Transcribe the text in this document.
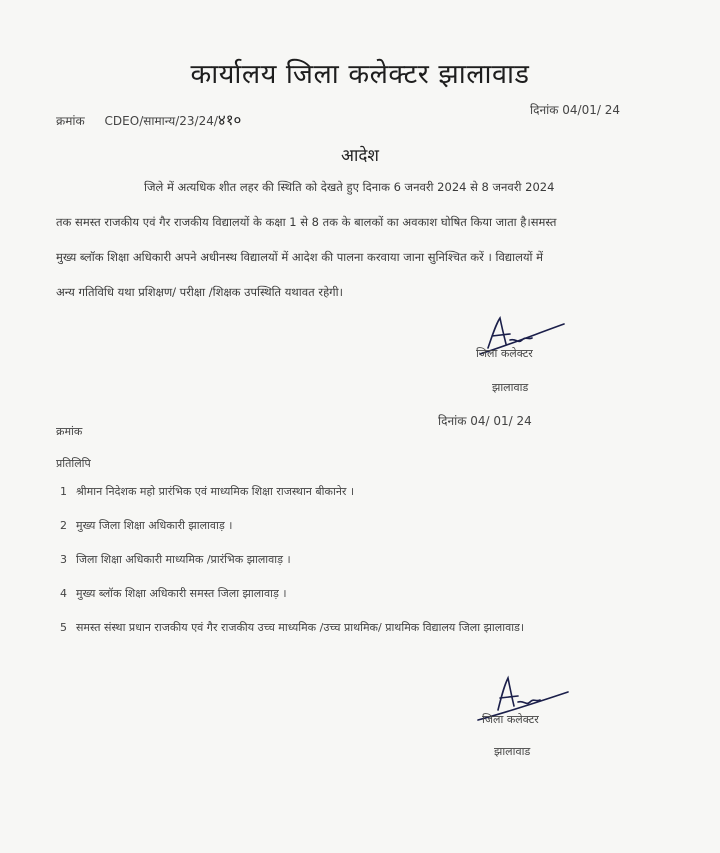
कार्यालय जिला कलेक्टर झालावाड
क्रमांक CDEO/सामान्य/23/24/४१०
दिनांक 04/01/ 24
आदेश
जिले में अत्यधिक शीत लहर की स्थिति को देखते हुए दिनाक 6 जनवरी 2024 से 8 जनवरी 2024
तक समस्त राजकीय एवं गैर राजकीय विद्यालयों के कक्षा 1 से 8 तक के बालकों का अवकाश घोषित किया जाता है।समस्त
मुख्य ब्लॉक शिक्षा अधिकारी अपने अधीनस्थ विद्यालयों में आदेश की पालना करवाया जाना सुनिश्चित करें । विद्यालयों में
अन्य गतिविधि यथा प्रशिक्षण/ परीक्षा /शिक्षक उपस्थिति यथावत रहेगी।
जिला कलेक्टर
झालावाड
दिनांक 04/ 01/ 24
क्रमांक
प्रतिलिपि
1 श्रीमान निदेशक महो प्रारंभिक एवं माध्यमिक शिक्षा राजस्थान बीकानेर ।
2 मुख्य जिला शिक्षा अधिकारी झालावाड़ ।
3 जिला शिक्षा अधिकारी माध्यमिक /प्रारंभिक झालावाड़ ।
4 मुख्य ब्लॉक शिक्षा अधिकारी समस्त जिला झालावाड़ ।
5 समस्त संस्था प्रधान राजकीय एवं गैर राजकीय उच्च माध्यमिक /उच्च प्राथमिक/ प्राथमिक विद्यालय जिला झालावाड।
जिला कलेक्टर
झालावाड
